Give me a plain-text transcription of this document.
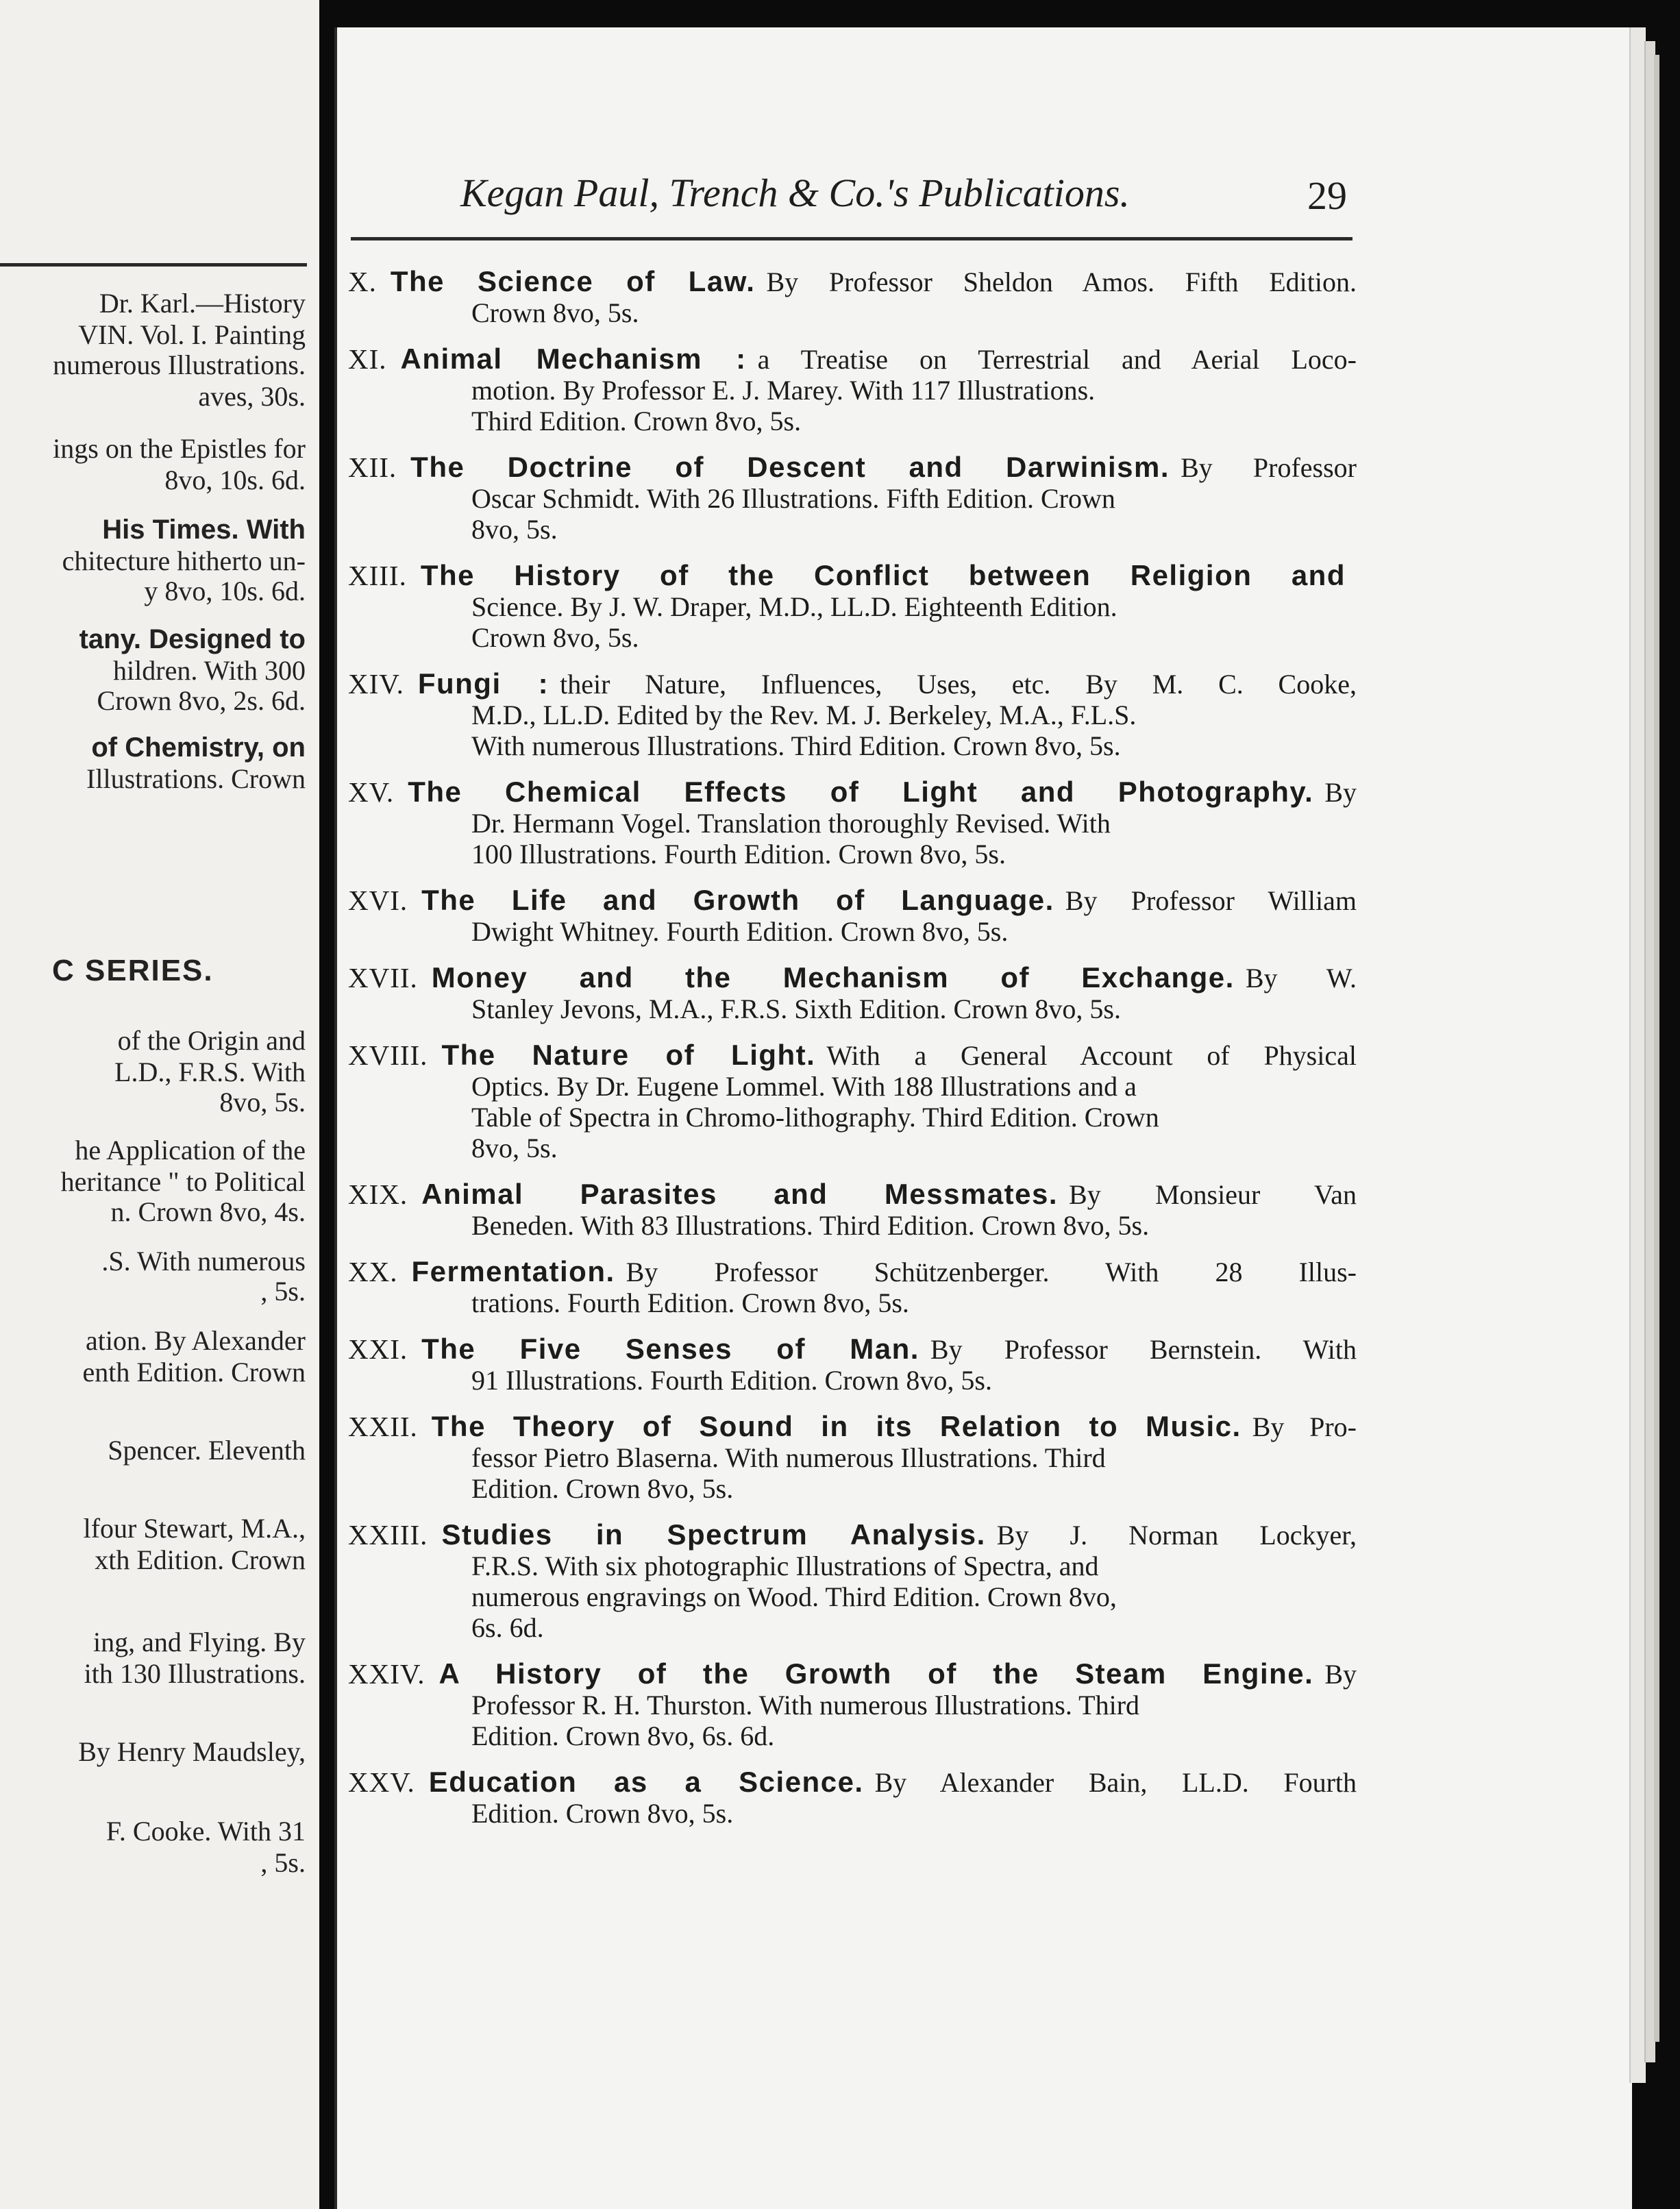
Dr. Karl.—History
VIN. Vol. I. Painting
numerous Illustrations.
aves, 30s.
ings on the Epistles for
8vo, 10s. 6d.
His Times. With
chitecture hitherto un-
y 8vo, 10s. 6d.
tany. Designed to
hildren. With 300
Crown 8vo, 2s. 6d.
of Chemistry, on
Illustrations. Crown
of the Origin and
L.D., F.R.S. With
8vo, 5s.
he Application of the
heritance " to Political
n. Crown 8vo, 4s.
.S. With numerous
, 5s.
ation. By Alexander
enth Edition. Crown
Spencer. Eleventh
lfour Stewart, M.A.,
xth Edition. Crown
ing, and Flying. By
ith 130 Illustrations.
By Henry Maudsley,
F. Cooke. With 31
, 5s.
C SERIES.
Kegan Paul, Trench & Co.'s Publications.	29
X. The Science of Law. By Professor Sheldon Amos. Fifth Edition.
Crown 8vo, 5s.
XI. Animal Mechanism : a Treatise on Terrestrial and Aerial Loco-
motion. By Professor E. J. Marey. With 117 Illustrations.
Third Edition. Crown 8vo, 5s.
XII. The Doctrine of Descent and Darwinism. By Professor
Oscar Schmidt. With 26 Illustrations. Fifth Edition. Crown
8vo, 5s.
XIII. The History of the Conflict between Religion and
Science. By J. W. Draper, M.D., LL.D. Eighteenth Edition.
Crown 8vo, 5s.
XIV. Fungi : their Nature, Influences, Uses, etc. By M. C. Cooke,
M.D., LL.D. Edited by the Rev. M. J. Berkeley, M.A., F.L.S.
With numerous Illustrations. Third Edition. Crown 8vo, 5s.
XV. The Chemical Effects of Light and Photography. By
Dr. Hermann Vogel. Translation thoroughly Revised. With
100 Illustrations. Fourth Edition. Crown 8vo, 5s.
XVI. The Life and Growth of Language. By Professor William
Dwight Whitney. Fourth Edition. Crown 8vo, 5s.
XVII. Money and the Mechanism of Exchange. By W.
Stanley Jevons, M.A., F.R.S. Sixth Edition. Crown 8vo, 5s.
XVIII. The Nature of Light. With a General Account of Physical
Optics. By Dr. Eugene Lommel. With 188 Illustrations and a
Table of Spectra in Chromo-lithography. Third Edition. Crown
8vo, 5s.
XIX. Animal Parasites and Messmates. By Monsieur Van
Beneden. With 83 Illustrations. Third Edition. Crown 8vo, 5s.
XX. Fermentation. By Professor Schützenberger. With 28 Illus-
trations. Fourth Edition. Crown 8vo, 5s.
XXI. The Five Senses of Man. By Professor Bernstein. With
91 Illustrations. Fourth Edition. Crown 8vo, 5s.
XXII. The Theory of Sound in its Relation to Music. By Pro-
fessor Pietro Blaserna. With numerous Illustrations. Third
Edition. Crown 8vo, 5s.
XXIII. Studies in Spectrum Analysis. By J. Norman Lockyer,
F.R.S. With six photographic Illustrations of Spectra, and
numerous engravings on Wood. Third Edition. Crown 8vo,
6s. 6d.
XXIV. A History of the Growth of the Steam Engine. By
Professor R. H. Thurston. With numerous Illustrations. Third
Edition. Crown 8vo, 6s. 6d.
XXV. Education as a Science. By Alexander Bain, LL.D. Fourth
Edition. Crown 8vo, 5s.
